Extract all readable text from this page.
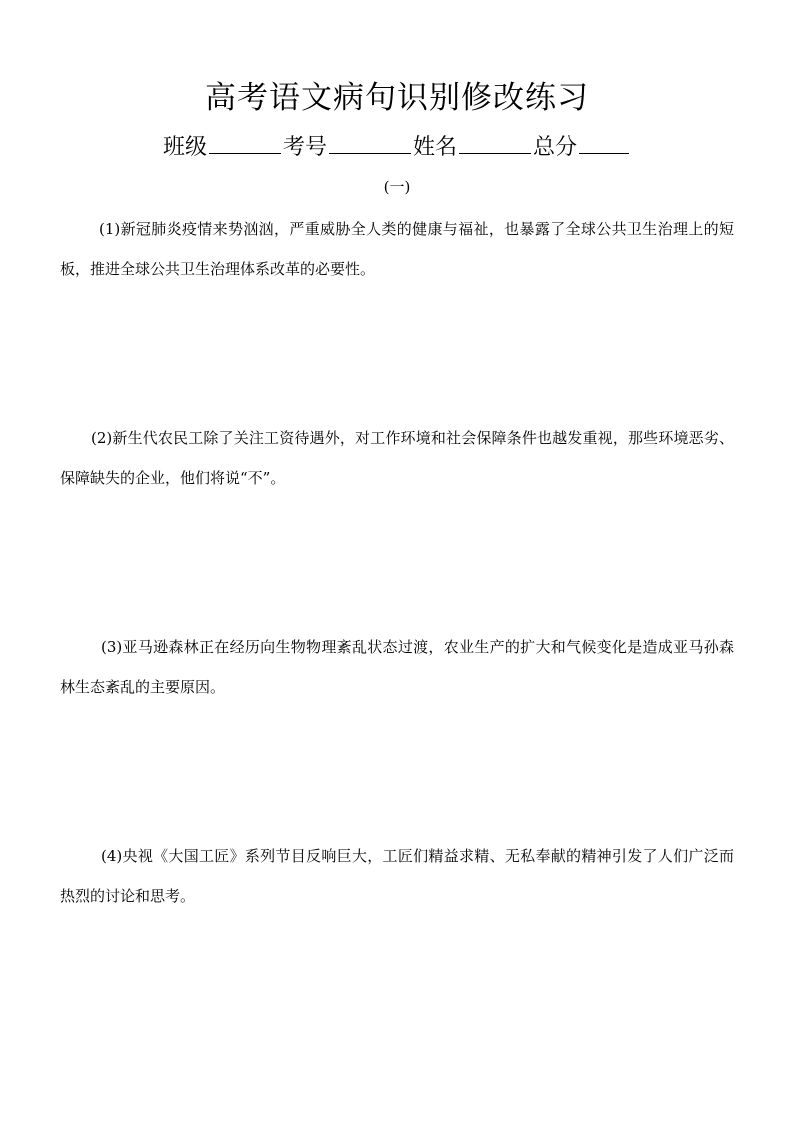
高考语文病句识别修改练习
班级	考号	姓名	总分
(一)

(1)新冠肺炎疫情来势汹汹，严重威胁全人类的健康与福祉，也暴露了全球公共卫生治理上的短板，推进全球公共卫生治理体系改革的必要性。

(2)新生代农民工除了关注工资待遇外，对工作环境和社会保障条件也越发重视，那些环境恶劣、保障缺失的企业，他们将说“不”。

(3)亚马逊森林正在经历向生物物理紊乱状态过渡，农业生产的扩大和气候变化是造成亚马孙森林生态紊乱的主要原因。

(4)央视《大国工匠》系列节目反响巨大，工匠们精益求精、无私奉献的精神引发了人们广泛而热烈的讨论和思考。
